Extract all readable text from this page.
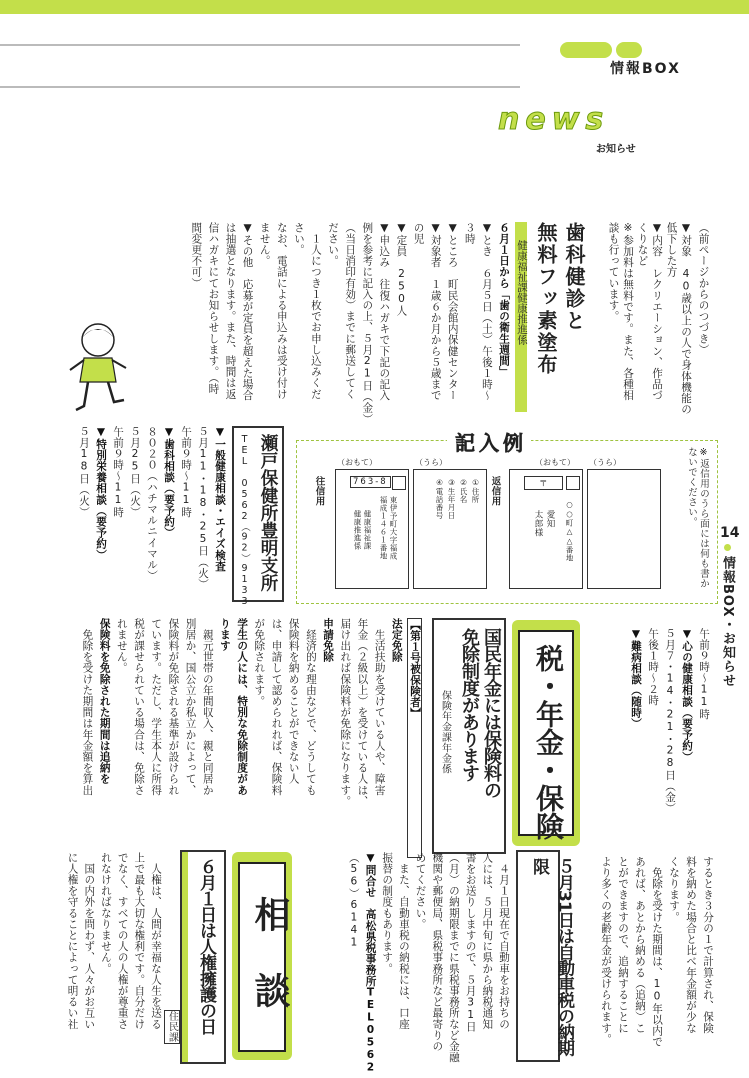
情報BOX
news
お知らせ
14
情報BOX・お知らせ
（前ページからのつづき）
▼対象　40歳以上の人で身体機能の
低下した方
▼内容　レクリエーション、作品づ
くりなど
※参加料は無料です。また、各種相
談も行っています。
歯科健診と
無料フッ素塗布
健康福祉課健康推進係
６月１日から「歯の衛生週間」
▼とき　６月５日（土）午後１時〜
３時
▼ところ　町民会館内保健センター
▼対象者　１歳６か月から５歳まで
の児
▼定員　250人
▼申込み　往復ハガキで下記の記入
例を参考に記入の上、５月21日（金）
（当日消印有効）までに郵送してく
ださい。
　１人につき１枚でお申し込みくだ
さい。
なお、電話による申込みは受け付け
ません。
▼その他　応募が定員を超えた場合
は抽選となります。また、時間は返
信ハガキにてお知らせします。（時
間変更不可）
記入例
※返信用のうら面には何も書かないでください。
（おもて）
往信用	763-8
東伊予町大字福成
福成１４６１番地
健康福祉課
健康推進係
（うら）
①住所
②氏名
③生年月日
④電話番号
（おもて）
返信用	〒
○○町△△番地
愛知
太郎様
（うら）
瀬戸保健所豊明支所
TEL 0562（92）9133
▼一般健康相談・エイズ検査
５月11・18・25日（火）
午前９時〜11時
▼歯科相談（要予約）
８０２０（ハチマルニイマル）
５月25日（火）
午前９時〜11時
▼特別栄養相談（要予約）
５月18日（火）
午前９時〜11時
▼心の健康相談（要予約）
５月７・14・21・28日（金）
午後１時〜２時
▼難病相談（随時）
税・年金・保険
国民年金には保険料の
免除制度があります
保険年金課年金係
【第１号被保険者】
法定免除
　生活扶助を受けている人や、障害
年金（２級以上）を受けている人は、
届け出れば保険料が免除になります。
申請免除
　経済的な理由などで、どうしても
保険料を納めることができない人
は、申請して認められれば、保険料
が免除されます。
学生の人には、特別な免除制度があ
ります
　親元世帯の年間収入、親と同居か
別居か、国公立か私立かによって、
保険料が免除される基準が設けられ
ています。ただし、学生本人に所得
税が課せられている場合は、免除さ
れません。
保険料を免除された期間は追納を
　免除を受けた期間は年金額を算出
するとき３分の１で計算され、保険
料を納めた場合と比べ年金額が少な
くなります。
　免除を受けた期間は、10年以内で
あれば、あとから納める（追納）こ
とができますので、追納することに
より多くの老齢年金が受けられます。
５月31日は自動車税の納期限
　４月１日現在で自動車をお持ちの
人には、５月中旬に県から納税通知
書をお送りしますので、５月31日
（月）の納期限までに県税事務所など金融
機関や郵便局、県税事務所など最寄りの
めてください。
　また、自動車税の納税には、口座
振替の制度もあります。
▼問合せ　高松県税事務所TEL0562
（56）6141
相談
６月１日は人権擁護の日
住民課
　人権は、人間が幸福な人生を送る
上で最も大切な権利です。自分だけ
でなく、すべての人の人権が尊重さ
れなければなりません。
　国の内外を問わず、人々がお互い
に人権を守ることによって明るい社
